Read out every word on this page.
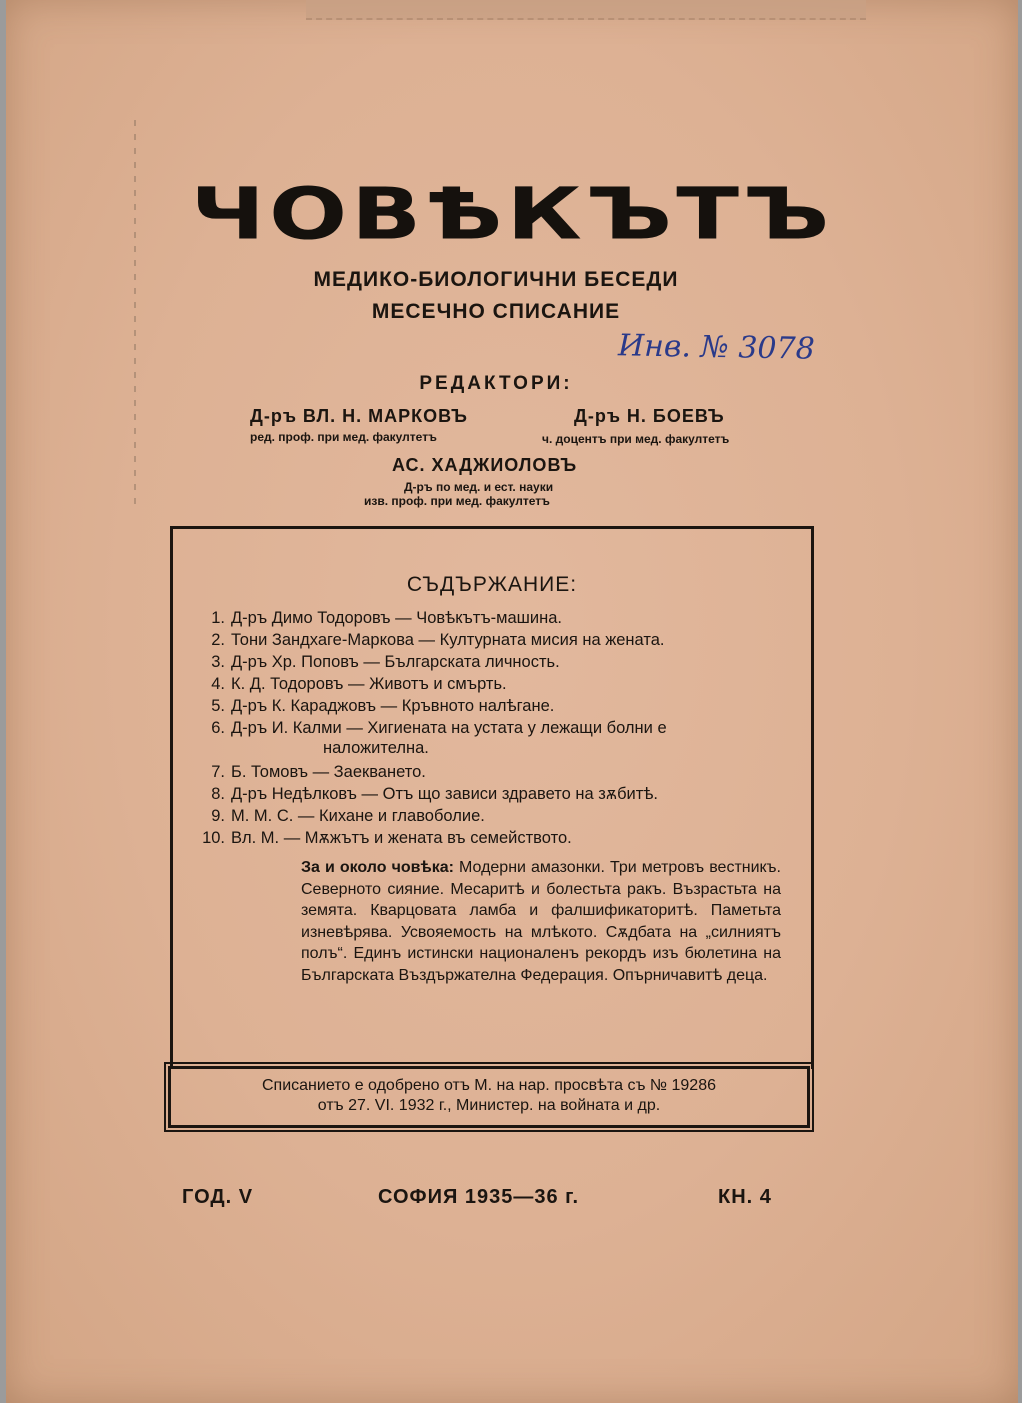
ЧОВѢКЪТЪ
МЕДИКО-БИОЛОГИЧНИ БЕСЕДИ
МЕСЕЧНО СПИСАНИЕ
Инв. № 3078
РЕДАКТОРИ:
Д-ръ ВЛ. Н. МАРКОВЪ
ред. проф. при мед. факултетъ
Д-ръ Н. БОЕВЪ
ч. доцентъ при мед. факултетъ
АС. ХАДЖИОЛОВЪ
Д-ръ по мед. и ест. науки
изв. проф. при мед. факултетъ
СЪДЪРЖАНИЕ:
1. Д-ръ Димо Тодоровъ — Човѣкътъ-машина.
2. Тони Зандхаге-Маркова — Културната мисия на жената.
3. Д-ръ Хр. Поповъ — Българската личность.
4. К. Д. Тодоровъ — Животъ и смърть.
5. Д-ръ К. Караджовъ — Кръвното налѣгане.
6. Д-ръ И. Калми — Хигиената на устата у лежащи болни е
наложителна.
7. Б. Томовъ — Заекването.
8. Д-ръ Недѣлковъ — Отъ що зависи здравето на зѫбитѣ.
9. М. М. С. — Кихане и главоболие.
10. Вл. М. — Мѫжътъ и жената въ семейството.
За и около човѣка: Модерни амазонки. Три метровъ вестникъ. Северното сияние. Месаритѣ и болестьта ракъ. Възрастьта на земята. Кварцовата ламба и фалшификаторитѣ. Паметьта изневѣрява. Усвояемость на млѣкото. Сѫдбата на „силниятъ полъ“. Единъ истински националенъ рекордъ изъ бюлетина на Българската Въздържателна Федерация. Опърничавитѣ деца.
Списанието е одобрено отъ М. на нар. просвѣта съ № 19286
отъ 27. VI. 1932 г., Министер. на войната и др.
ГОД. V	СОФИЯ 1935—36 г.	КН. 4
